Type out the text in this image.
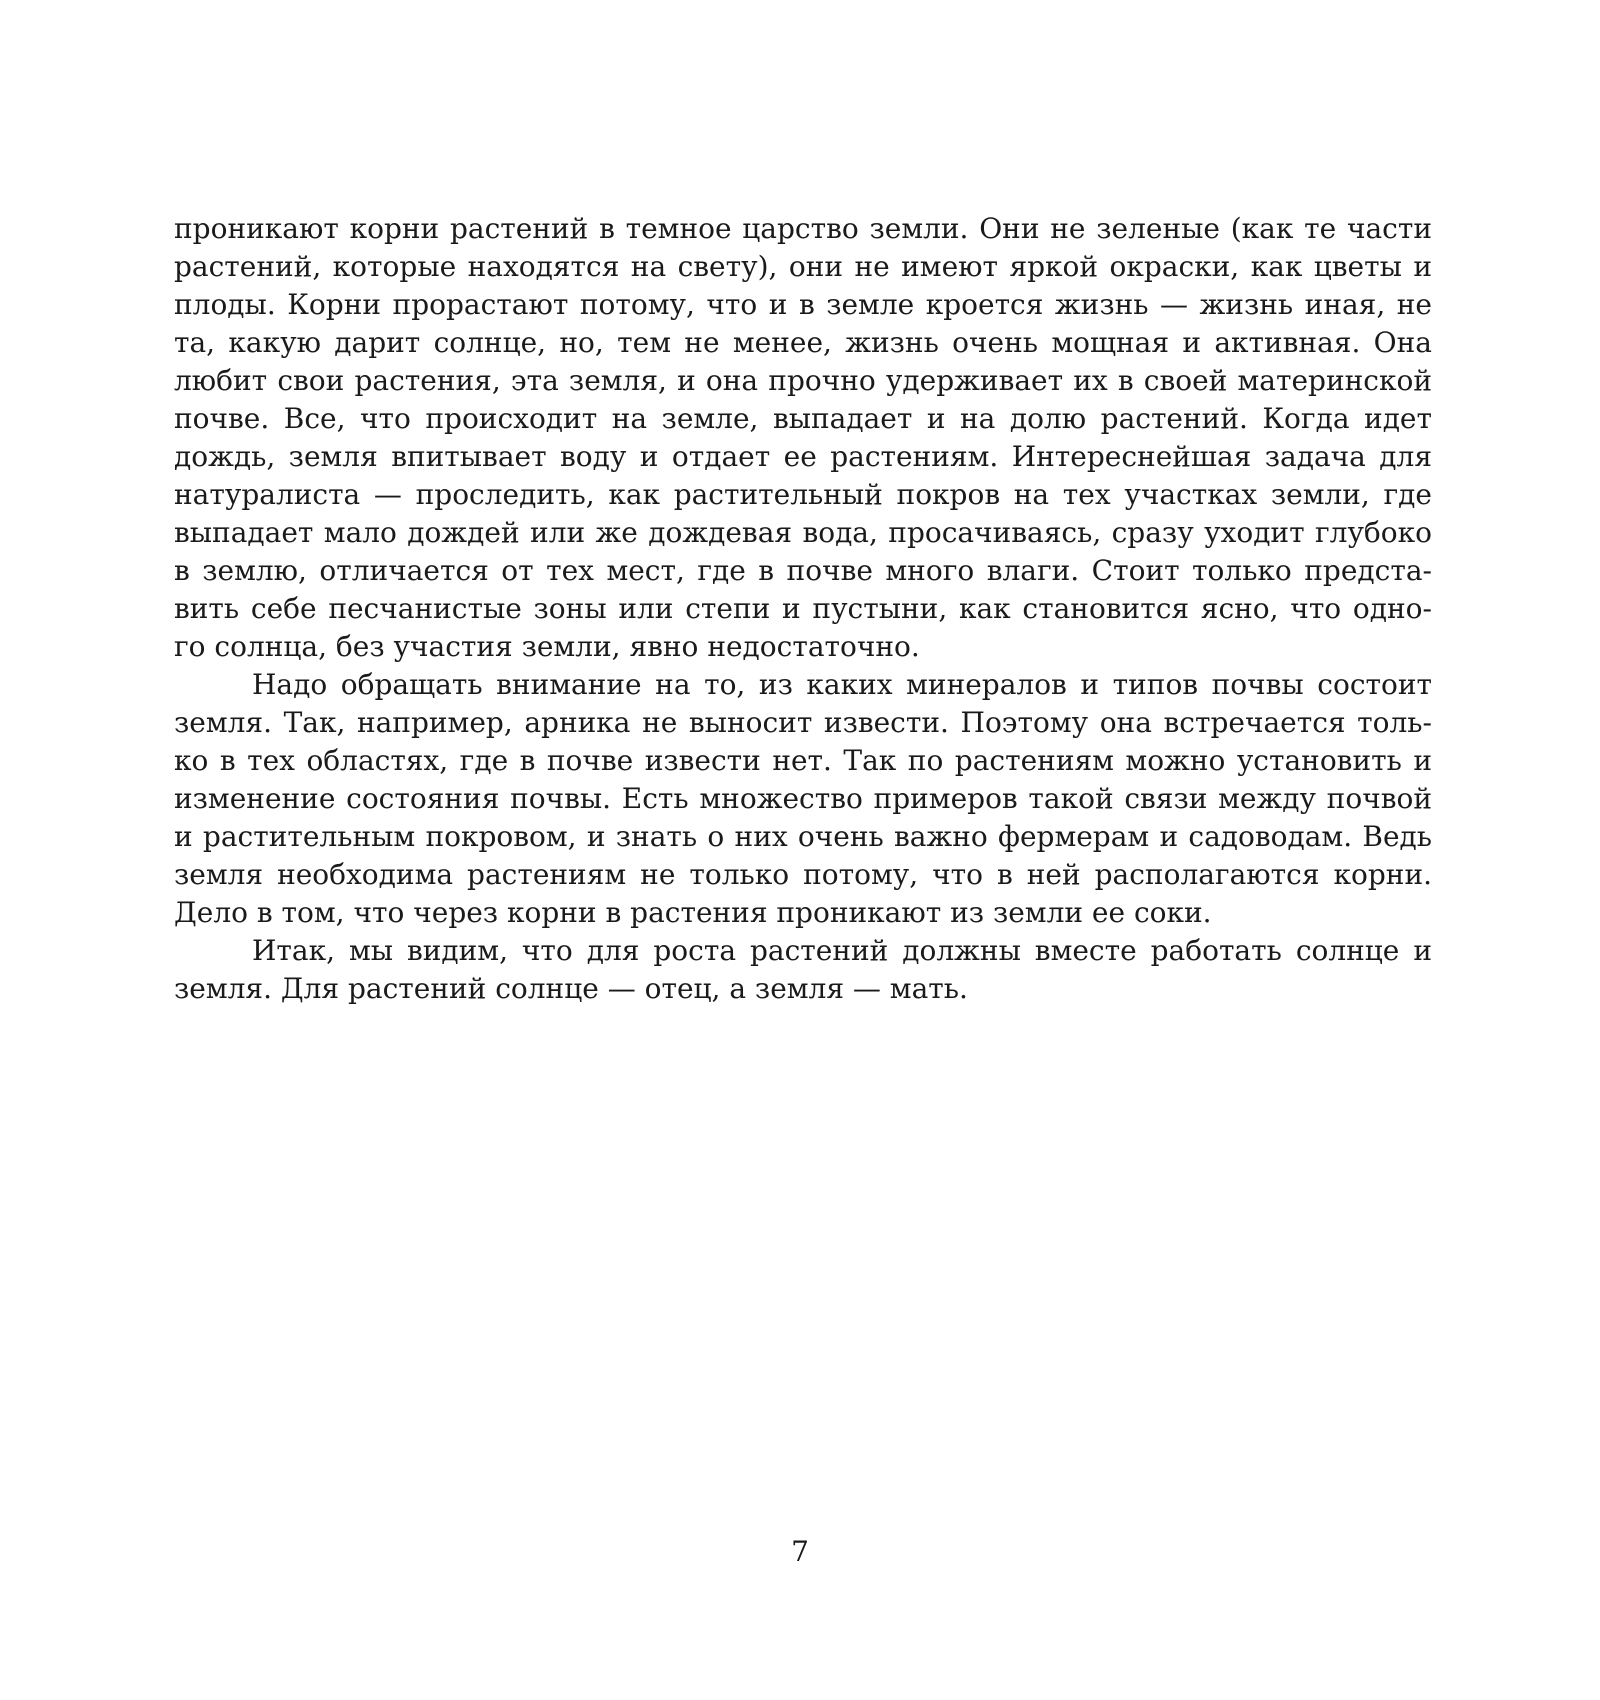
проникают корни растений в темное царство земли. Они не зеленые (как те части
растений, которые находятся на свету), они не имеют яркой окраски, как цветы и
плоды. Корни прорастают потому, что и в земле кроется жизнь — жизнь иная, не
та, какую дарит солнце, но, тем не менее, жизнь очень мощная и активная. Она
любит свои растения, эта земля, и она прочно удерживает их в своей материнской
почве. Все, что происходит на земле, выпадает и на долю растений. Когда идет
дождь, земля впитывает воду и отдает ее растениям. Интереснейшая задача для
натуралиста — проследить, как растительный покров на тех участках земли, где
выпадает мало дождей или же дождевая вода, просачиваясь, сразу уходит глубоко
в землю, отличается от тех мест, где в почве много влаги. Стоит только предста-
вить себе песчанистые зоны или степи и пустыни, как становится ясно, что одно-
го солнца, без участия земли, явно недостаточно.

Надо обращать внимание на то, из каких минералов и типов почвы состоит
земля. Так, например, арника не выносит извести. Поэтому она встречается толь-
ко в тех областях, где в почве извести нет. Так по растениям можно установить и
изменение состояния почвы. Есть множество примеров такой связи между почвой
и растительным покровом, и знать о них очень важно фермерам и садоводам. Ведь
земля необходима растениям не только потому, что в ней располагаются корни.
Дело в том, что через корни в растения проникают из земли ее соки.

Итак, мы видим, что для роста растений должны вместе работать солнце и
земля. Для растений солнце — отец, а земля — мать.

7
